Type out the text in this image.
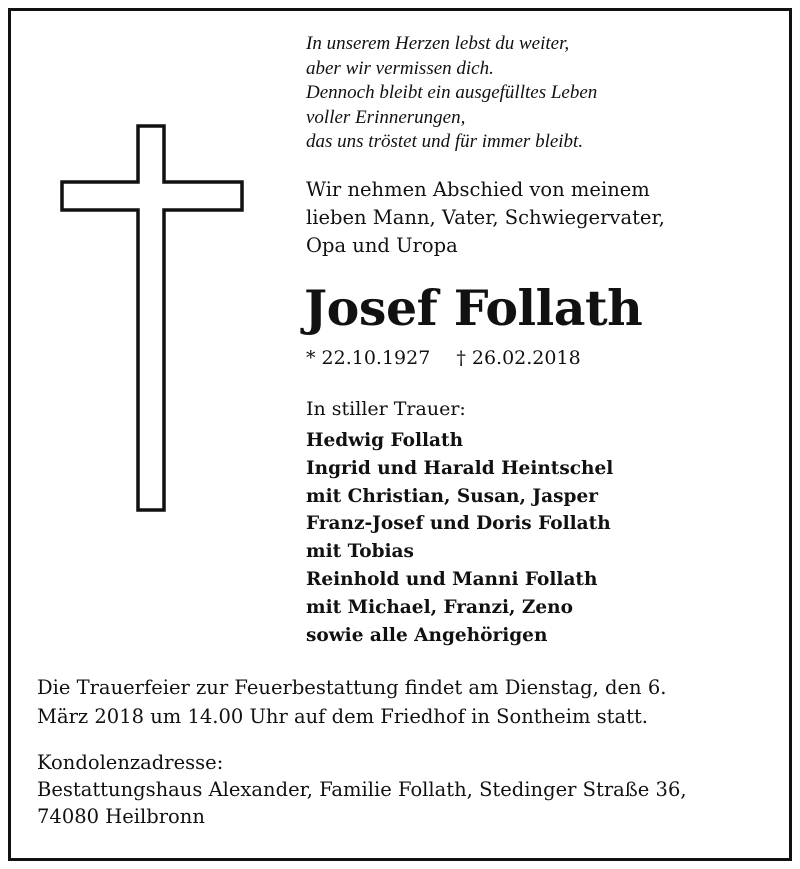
In unserem Herzen lebst du weiter,
aber wir vermissen dich.
Dennoch bleibt ein ausgefülltes Leben
voller Erinnerungen,
das uns tröstet und für immer bleibt.
Wir nehmen Abschied von meinem
lieben Mann, Vater, Schwiegervater,
Opa und Uropa
Josef Follath
* 22.10.1927 † 26.02.2018
In stiller Trauer:
Hedwig Follath
Ingrid und Harald Heintschel
mit Christian, Susan, Jasper
Franz-Josef und Doris Follath
mit Tobias
Reinhold und Manni Follath
mit Michael, Franzi, Zeno
sowie alle Angehörigen
Die Trauerfeier zur Feuerbestattung findet am Dienstag, den 6.
März 2018 um 14.00 Uhr auf dem Friedhof in Sontheim statt.
Kondolenzadresse:
Bestattungshaus Alexander, Familie Follath, Stedinger Straße 36,
74080 Heilbronn
